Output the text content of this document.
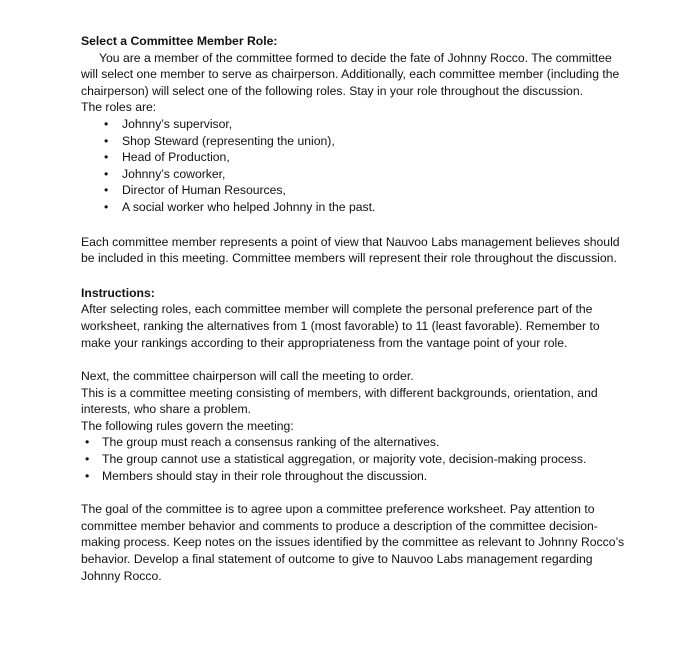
Select a Committee Member Role:

You are a member of the committee formed to decide the fate of Johnny Rocco. The committee will select one member to serve as chairperson. Additionally, each committee member (including the chairperson) will select one of the following roles. Stay in your role throughout the discussion.

The roles are:

• Johnny’s supervisor,
• Shop Steward (representing the union),
• Head of Production,
• Johnny’s coworker,
• Director of Human Resources,
• A social worker who helped Johnny in the past.

Each committee member represents a point of view that Nauvoo Labs management believes should be included in this meeting. Committee members will represent their role throughout the discussion.

Instructions:

After selecting roles, each committee member will complete the personal preference part of the worksheet, ranking the alternatives from 1 (most favorable) to 11 (least favorable). Remember to make your rankings according to their appropriateness from the vantage point of your role.

Next, the committee chairperson will call the meeting to order.

This is a committee meeting consisting of members, with different backgrounds, orientation, and interests, who share a problem.

The following rules govern the meeting:

• The group must reach a consensus ranking of the alternatives.
• The group cannot use a statistical aggregation, or majority vote, decision-making process.
• Members should stay in their role throughout the discussion.

The goal of the committee is to agree upon a committee preference worksheet. Pay attention to committee member behavior and comments to produce a description of the committee decision-making process. Keep notes on the issues identified by the committee as relevant to Johnny Rocco’s behavior. Develop a final statement of outcome to give to Nauvoo Labs management regarding Johnny Rocco.
